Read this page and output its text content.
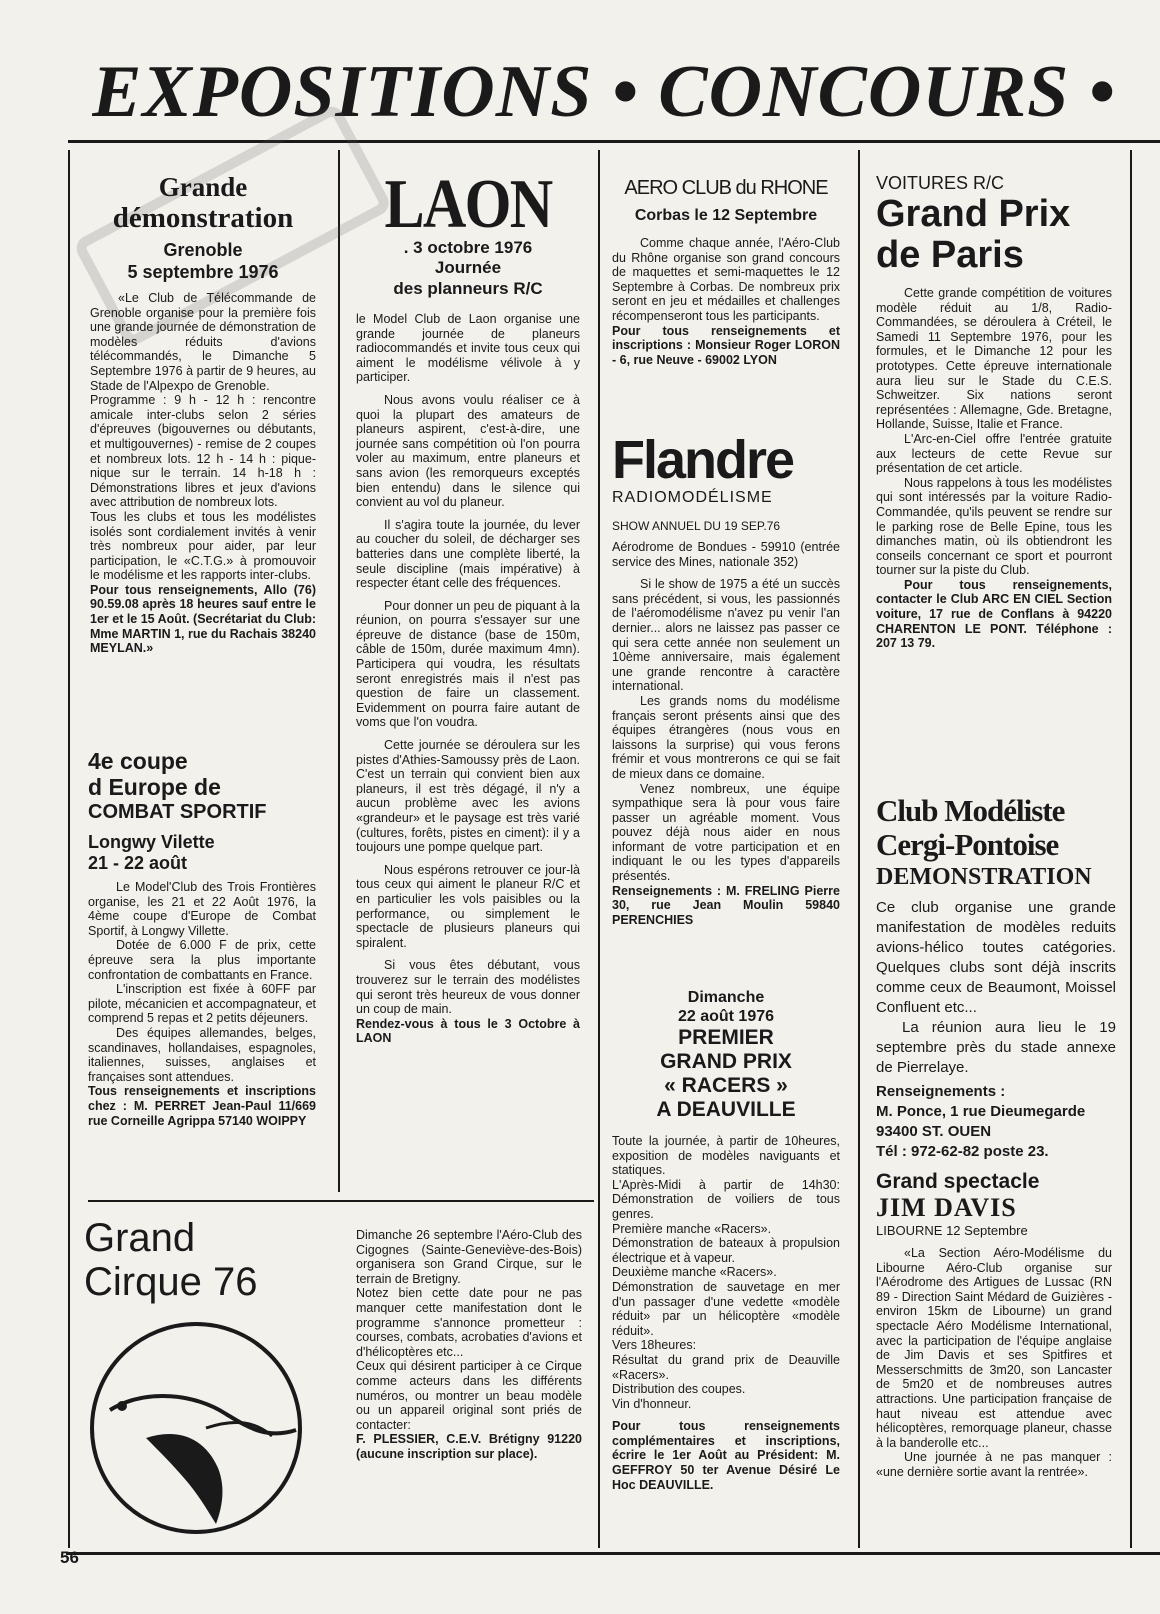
EXPOSITIONS • CONCOURS •
Grande
démonstration
Grenoble
5 septembre 1976

«Le Club de Télécommande de Grenoble organise pour la première fois une grande journée de démonstration de modèles réduits d'avions télécommandés, le Dimanche 5 Septembre 1976 à partir de 9 heures, au Stade de l'Alpexpo de Grenoble.

Programme : 9 h - 12 h : rencontre amicale inter-clubs selon 2 séries d'épreuves (bigouvernes ou débutants, et multigouvernes) - remise de 2 coupes et nombreux lots. 12 h - 14 h : pique-nique sur le terrain. 14 h-18 h : Démonstrations libres et jeux d'avions avec attribution de nombreux lots.

Tous les clubs et tous les modélistes isolés sont cordialement invités à venir très nombreux pour aider, par leur participation, le «C.T.G.» à promouvoir le modélisme et les rapports inter-clubs.

Pour tous renseignements, Allo (76) 90.59.08 après 18 heures sauf entre le 1er et le 15 Août. (Secrétariat du Club: Mme MARTIN 1, rue du Rachais 38240 MEYLAN.»

4e coupe
d Europe de
COMBAT SPORTIF
Longwy Vilette
21 - 22 août

Le Model'Club des Trois Frontières organise, les 21 et 22 Août 1976, la 4ème coupe d'Europe de Combat Sportif, à Longwy Villette.

Dotée de 6.000 F de prix, cette épreuve sera la plus importante confrontation de combattants en France.

L'inscription est fixée à 60FF par pilote, mécanicien et accompagnateur, et comprend 5 repas et 2 petits déjeuners.

Des équipes allemandes, belges, scandinaves, hollandaises, espagnoles, italiennes, suisses, anglaises et françaises sont attendues.

Tous renseignements et inscriptions chez : M. PERRET Jean-Paul 11/669 rue Corneille Agrippa 57140 WOIPPY

LAON
. 3 octobre 1976
Journée
des planneurs R/C

le Model Club de Laon organise une grande journée de planeurs radiocommandés et invite tous ceux qui aiment le modélisme vélivole à y participer.

Nous avons voulu réaliser ce à quoi la plupart des amateurs de planeurs aspirent, c'est-à-dire, une journée sans compétition où l'on pourra voler au maximum, entre planeurs et sans avion (les remorqueurs exceptés bien entendu) dans le silence qui convient au vol du planeur.

Il s'agira toute la journée, du lever au coucher du soleil, de décharger ses batteries dans une complète liberté, la seule discipline (mais impérative) à respecter étant celle des fréquences.

Pour donner un peu de piquant à la réunion, on pourra s'essayer sur une épreuve de distance (base de 150m, câble de 150m, durée maximum 4mn). Participera qui voudra, les résultats seront enregistrés mais il n'est pas question de faire un classement. Evidemment on pourra faire autant de voms que l'on voudra.

Cette journée se déroulera sur les pistes d'Athies-Samoussy près de Laon. C'est un terrain qui convient bien aux planeurs, il est très dégagé, il n'y a aucun problème avec les avions «grandeur» et le paysage est très varié (cultures, forêts, pistes en ciment): il y a toujours une pompe quelque part.

Nous espérons retrouver ce jour-là tous ceux qui aiment le planeur R/C et en particulier les vols paisibles ou la performance, ou simplement le spectacle de plusieurs planeurs qui spiralent.

Si vous êtes débutant, vous trouverez sur le terrain des modélistes qui seront très heureux de vous donner un coup de main.

Rendez-vous à tous le 3 Octobre à LAON

AERO CLUB du RHONE
Corbas le 12 Septembre

Comme chaque année, l'Aéro-Club du Rhône organise son grand concours de maquettes et semi-maquettes le 12 Septembre à Corbas. De nombreux prix seront en jeu et médailles et challenges récompenseront tous les participants.

Pour tous renseignements et inscriptions : Monsieur Roger LORON - 6, rue Neuve - 69002 LYON

Flandre
RADIOMODÉLISME
SHOW ANNUEL DU 19 SEP.76

Aérodrome de Bondues - 59910 (entrée service des Mines, nationale 352)

Si le show de 1975 a été un succès sans précédent, si vous, les passionnés de l'aéromodélisme n'avez pu venir l'an dernier... alors ne laissez pas passer ce qui sera cette année non seulement un 10ème anniversaire, mais également une grande rencontre à caractère international.

Les grands noms du modélisme français seront présents ainsi que des équipes étrangères (nous vous en laissons la surprise) qui vous ferons frémir et vous montrerons ce qui se fait de mieux dans ce domaine.

Venez nombreux, une équipe sympathique sera là pour vous faire passer un agréable moment. Vous pouvez déjà nous aider en nous informant de votre participation et en indiquant le ou les types d'appareils présentés.

Renseignements : M. FRELING Pierre 30, rue Jean Moulin 59840 PERENCHIES

Dimanche
22 août 1976
PREMIER
GRAND PRIX
« RACERS »
A DEAUVILLE

Toute la journée, à partir de 10heures, exposition de modèles naviguants et statiques.

L'Après-Midi à partir de 14h30: Démonstration de voiliers de tous genres.

Première manche «Racers».

Démonstration de bateaux à propulsion électrique et à vapeur.

Deuxième manche «Racers».

Démonstration de sauvetage en mer d'un passager d'une vedette «modèle réduit» par un hélicoptère «modèle réduit».

Vers 18heures:

Résultat du grand prix de Deauville «Racers».

Distribution des coupes.

Vin d'honneur.

Pour tous renseignements complémentaires et inscriptions, écrire le 1er Août au Président: M. GEFFROY 50 ter Avenue Désiré Le Hoc DEAUVILLE.

VOITURES R/C
Grand Prix
de Paris

Cette grande compétition de voitures modèle réduit au 1/8, Radio-Commandées, se déroulera à Créteil, le Samedi 11 Septembre 1976, pour les formules, et le Dimanche 12 pour les prototypes. Cette épreuve internationale aura lieu sur le Stade du C.E.S. Schweitzer. Six nations seront représentées : Allemagne, Gde. Bretagne, Hollande, Suisse, Italie et France.

L'Arc-en-Ciel offre l'entrée gratuite aux lecteurs de cette Revue sur présentation de cet article.

Nous rappelons à tous les modélistes qui sont intéressés par la voiture Radio-Commandée, qu'ils peuvent se rendre sur le parking rose de Belle Epine, tous les dimanches matin, où ils obtiendront les conseils concernant ce sport et pourront tourner sur la piste du Club.

Pour tous renseignements, contacter le Club ARC EN CIEL Section voiture, 17 rue de Conflans à 94220 CHARENTON LE PONT. Téléphone : 207 13 79.

Club Modéliste
Cergi-Pontoise
DEMONSTRATION

Ce club organise une grande manifestation de modèles reduits avions-hélico toutes catégories. Quelques clubs sont déjà inscrits comme ceux de Beaumont, Moissel Confluent etc...

La réunion aura lieu le 19 septembre près du stade annexe de Pierrelaye.

Renseignements :

M. Ponce, 1 rue Dieumegarde 93400 ST. OUEN

Tél : 972-62-82 poste 23.

Grand spectacle
JIM DAVIS
LIBOURNE 12 Septembre

«La Section Aéro-Modélisme du Libourne Aéro-Club organise sur l'Aérodrome des Artigues de Lussac (RN 89 - Direction Saint Médard de Guizières - environ 15km de Libourne) un grand spectacle Aéro Modélisme International, avec la participation de l'équipe anglaise de Jim Davis et ses Spitfires et Messerschmitts de 3m20, son Lancaster de 5m20 et de nombreuses autres attractions. Une participation française de haut niveau est attendue avec hélicoptères, remorquage planeur, chasse à la banderolle etc...

Une journée à ne pas manquer : «une dernière sortie avant la rentrée».

Grand
Cirque 76

Dimanche 26 septembre l'Aéro-Club des Cigognes (Sainte-Geneviève-des-Bois) organisera son Grand Cirque, sur le terrain de Bretigny.

Notez bien cette date pour ne pas manquer cette manifestation dont le programme s'annonce prometteur : courses, combats, acrobaties d'avions et d'hélicoptères etc...

Ceux qui désirent participer à ce Cirque comme acteurs dans les différents numéros, ou montrer un beau modèle ou un appareil original sont priés de contacter:

F. PLESSIER, C.E.V. Brétigny 91220 (aucune inscription sur place).

56
